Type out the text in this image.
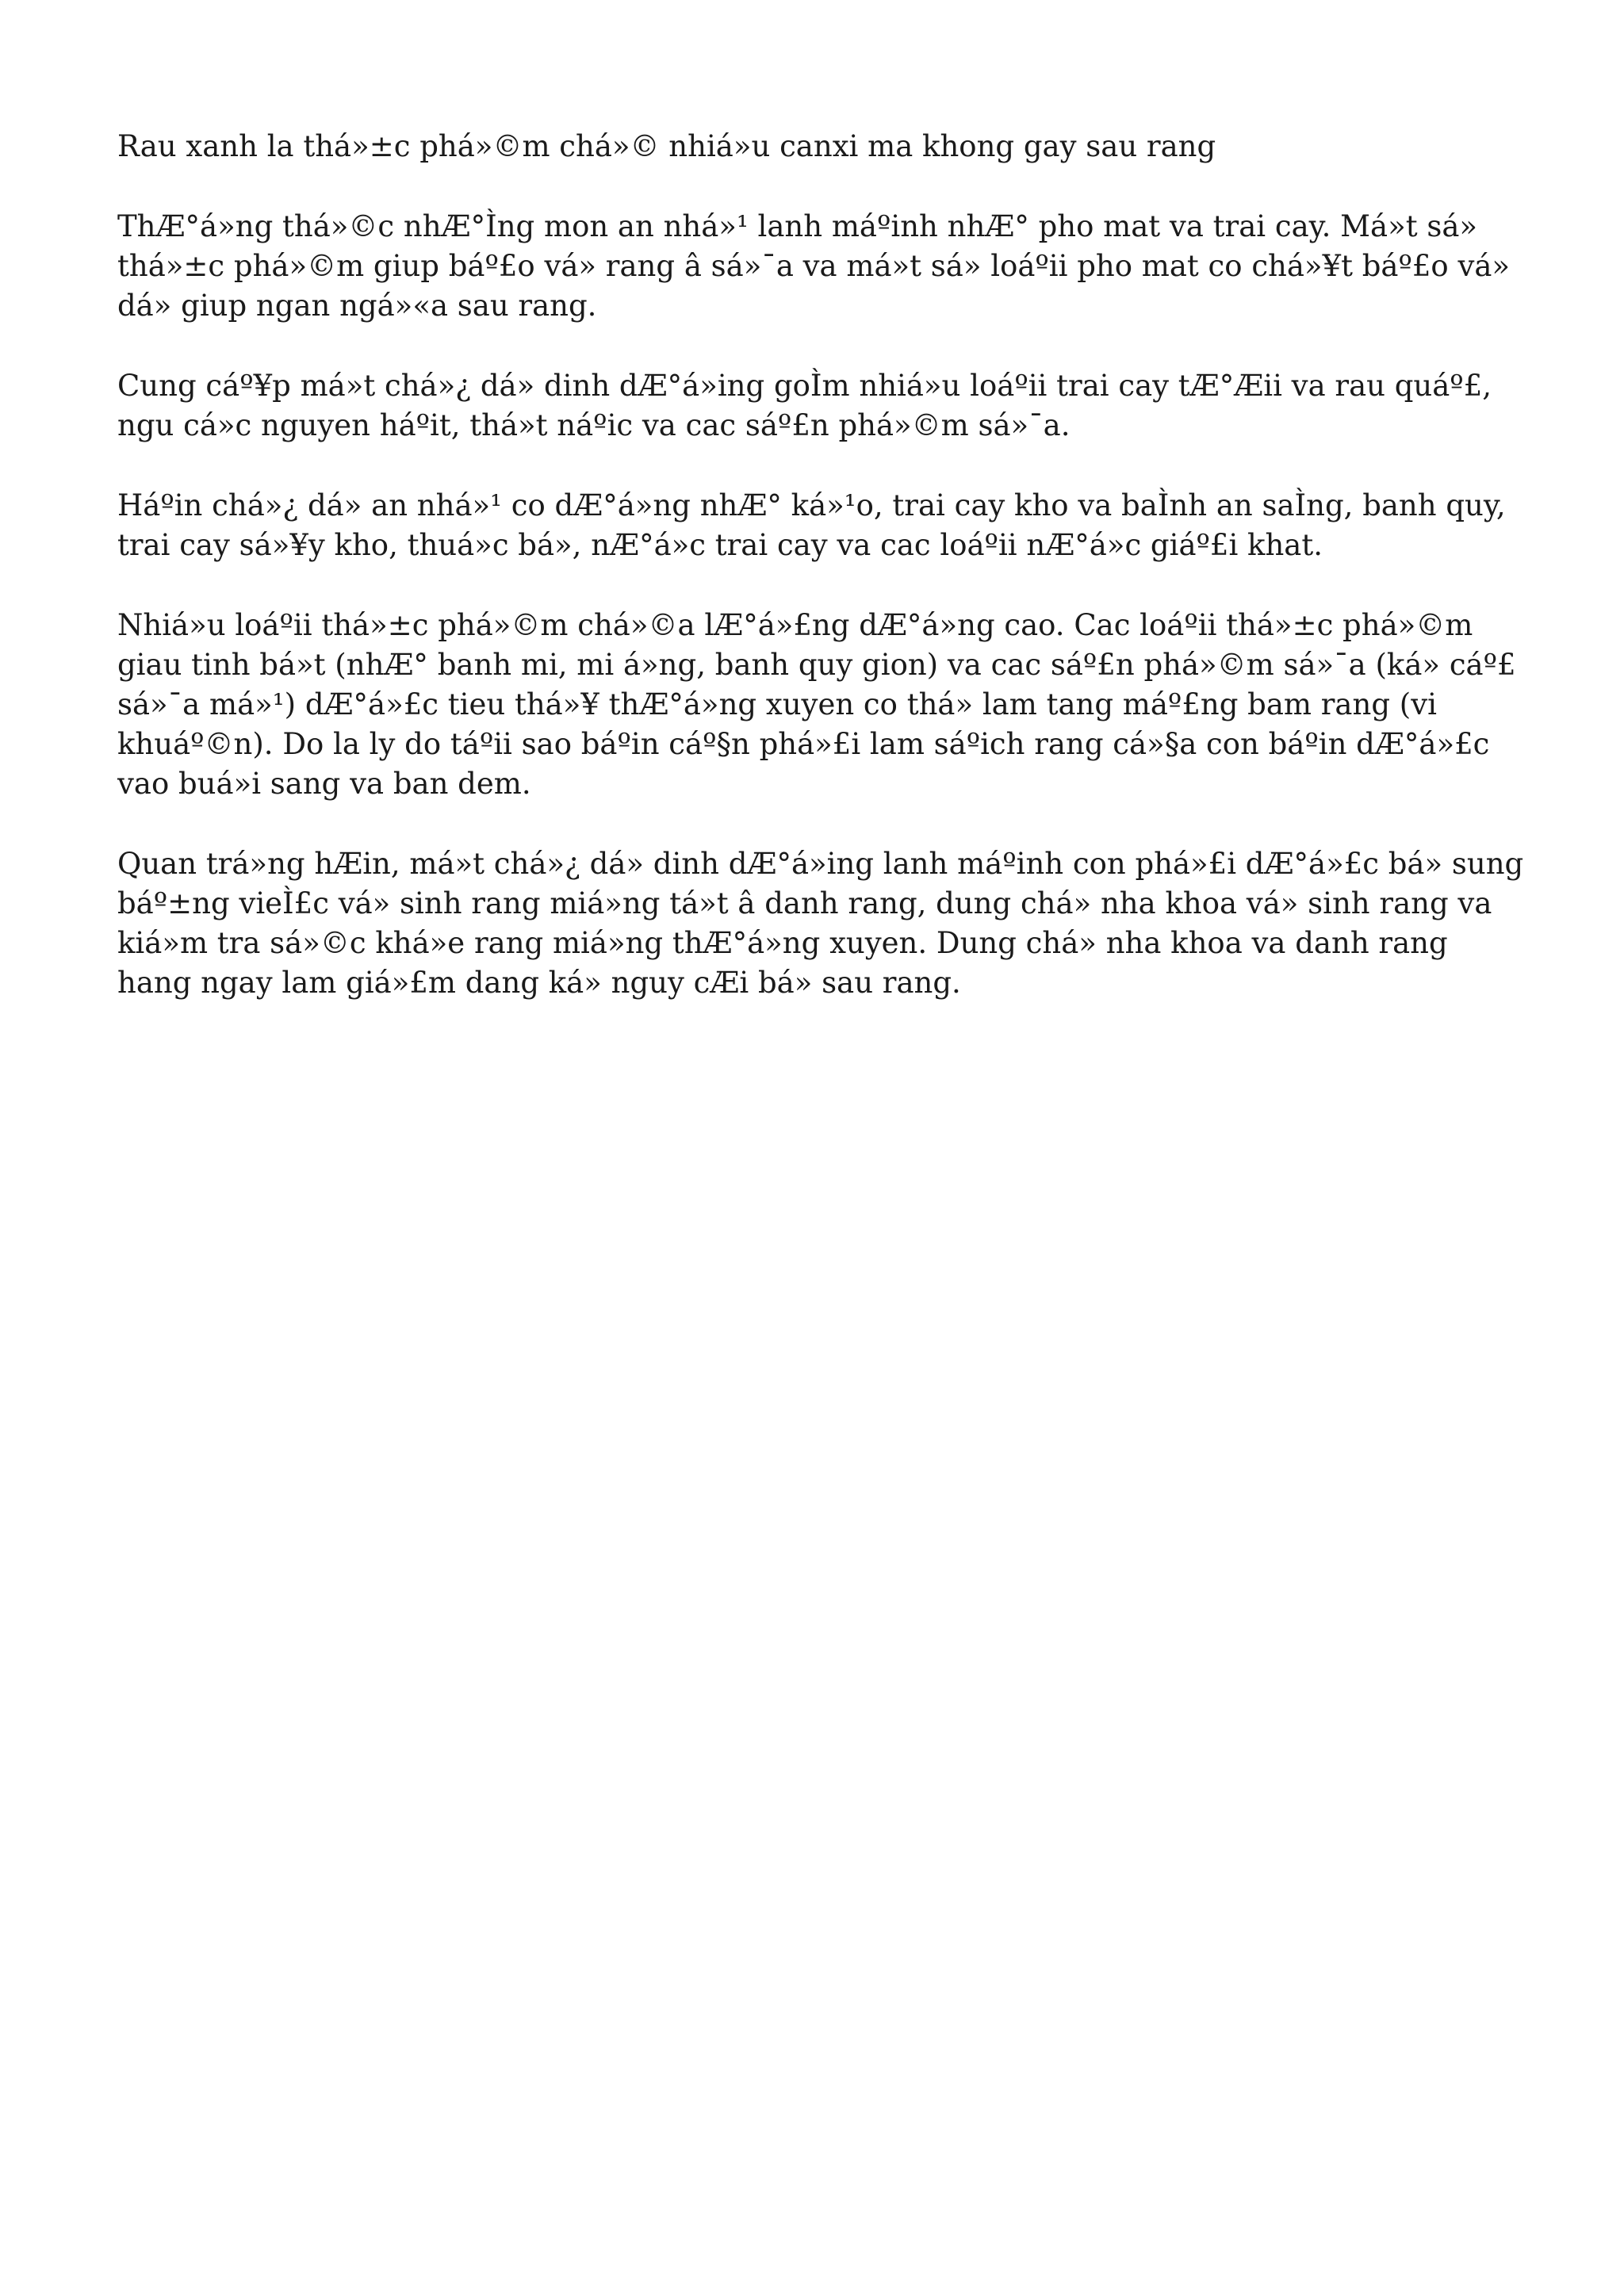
Rau xanh la thá»±c phá»©m chá»© nhiá»u canxi ma khong gay sau rang

ThÆ°á»ng thá»©c nhÆ°Ìng mon an nhá»¹ lanh máºinh nhÆ° pho mat va trai cay. Má»t sá» thá»±c phá»©m giup báº£o vá» rang â sá»¯a va má»t sá» loáºii pho mat co chá»¥t báº£o vá» dá» giup ngan ngá»«a sau rang.

Cung cáº¥p má»t chá»¿ dá» dinh dÆ°á»ing goÌm nhiá»u loáºii trai cay tÆ°Æii va rau quáº£, ngu cá»c nguyen háºit, thá»t náºic va cac sáº£n phá»©m sá»¯a.

Háºin chá»¿ dá» an nhá»¹ co dÆ°á»ng nhÆ° ká»¹o, trai cay kho va baÌnh an saÌng, banh quy, trai cay sá»¥y kho, thuá»c bá», nÆ°á»c trai cay va cac loáºii nÆ°á»c giáº£i khat.

Nhiá»u loáºii thá»±c phá»©m chá»©a lÆ°á»£ng dÆ°á»ng cao. Cac loáºii thá»±c phá»©m giau tinh bá»t (nhÆ° banh mi, mi á»ng, banh quy gion) va cac sáº£n phá»©m sá»¯a (ká» cáº£ sá»¯a má»¹) dÆ°á»£c tieu thá»¥ thÆ°á»ng xuyen co thá» lam tang máº£ng bam rang (vi khuáº©n). Do la ly do táºii sao báºin cáº§n phá»£i lam sáºich rang cá»§a con báºin dÆ°á»£c vao buá»i sang va ban dem.

Quan trá»ng hÆin, má»t chá»¿ dá» dinh dÆ°á»ing lanh máºinh con phá»£i dÆ°á»£c bá» sung báº±ng vieÌ£c vá» sinh rang miá»ng tá»t â danh rang, dung chá» nha khoa vá» sinh rang va kiá»m tra sá»©c khá»e rang miá»ng thÆ°á»ng xuyen. Dung chá» nha khoa va danh rang hang ngay lam giá»£m dang ká» nguy cÆi bá» sau rang.
